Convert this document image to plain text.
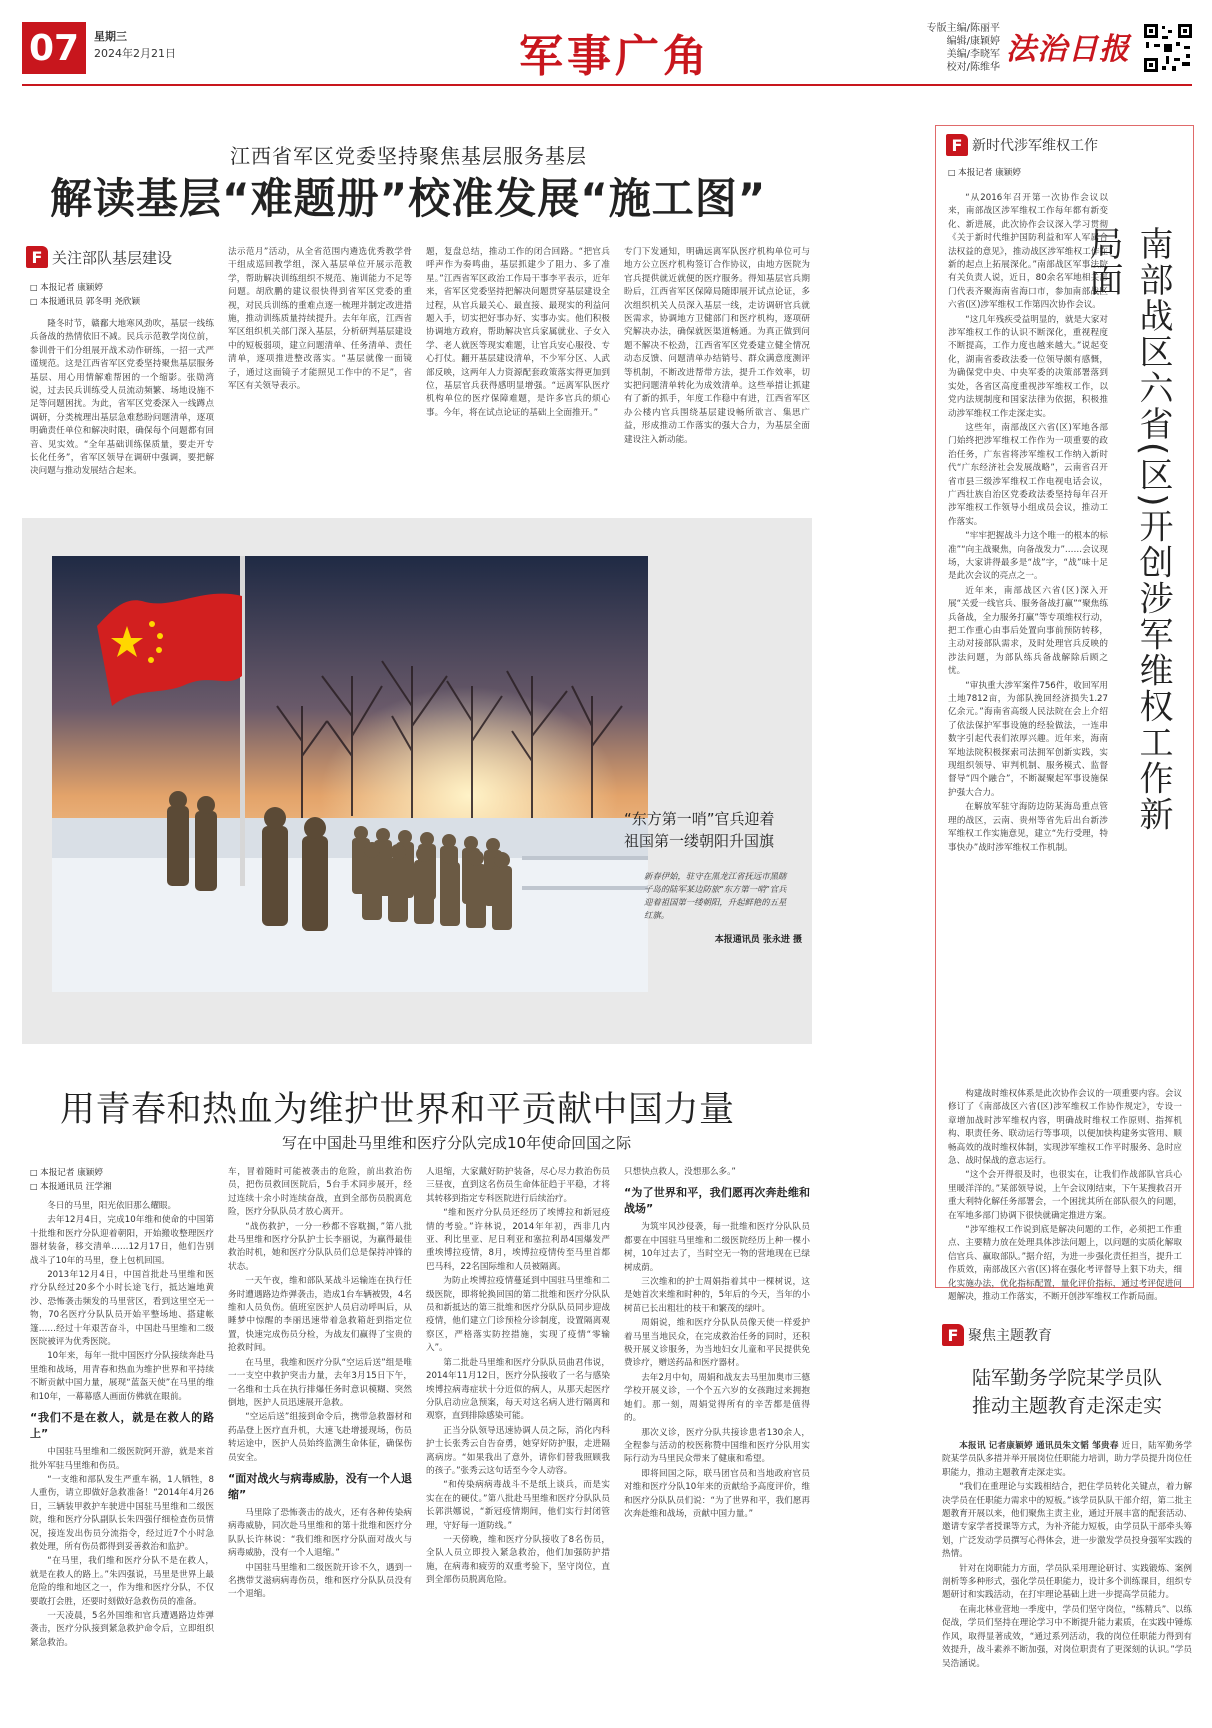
07 星期三
2024年2月21日	军事广角
专版主编/陈丽平
编辑/康颖婷
美编/李晓军
校对/陈维华
法治日报
江西省军区党委坚持聚焦基层服务基层
解读基层“难题册”校准发展“施工图”
F 关注部队基层建设
□ 本报记者 康颖婷
□ 本报通讯员 郭冬明 尧欣颖

隆冬时节，赣鄱大地寒风劲吹，基层一线练兵备战的热情依旧不减。民兵示范教学岗位前，参训骨干们分组展开战术动作研练，一招一式严谨规范。这是江西省军区党委坚持聚焦基层服务基层、用心用情解难帮困的一个缩影。张勋湾说，过去民兵训练受人员流动频繁、场地设施不足等问题困扰。为此，省军区党委深入一线蹲点调研，分类梳理出基层急难愁盼问题清单，逐项明确责任单位和解决时限，确保每个问题都有回音、见实效。“全年基础训练保质量，要走开专长化任务”，省军区领导在调研中强调，要把解决问题与推动发展结合起来。

法示范月”活动，从全省范围内遴选优秀教学骨干组成巡回教学组，深入基层单位开展示范教学，帮助解决训练组织不规范、施训能力不足等问题。胡欣鹏的建议很快得到省军区党委的重视，对民兵训练的重难点逐一梳理并制定改进措施，推动训练质量持续提升。去年年底，江西省军区组织机关部门深入基层，分析研判基层建设中的短板弱项，建立问题清单、任务清单、责任清单，逐项推进整改落实。“基层就像一面镜子，通过这面镜子才能照见工作中的不足”，省军区有关领导表示。

题，复盘总结，推动工作的闭合回路。“把官兵呼声作为奏鸣曲，基层抓建少了阻力、多了准星。”江西省军区政治工作局干事李平表示，近年来，省军区党委坚持把解决问题贯穿基层建设全过程，从官兵最关心、最直接、最现实的利益问题入手，切实把好事办好、实事办实。他们积极协调地方政府，帮助解决官兵家属就业、子女入学、老人就医等现实难题，让官兵安心服役、专心打仗。翻开基层建设清单，不少军分区、人武部反映，这两年人力资源配套政策落实得更加到位，基层官兵获得感明显增强。“远离军队医疗机构单位的医疗保障难题，是许多官兵的烦心事。今年，将在试点论证的基础上全面推开。”

专门下发通知，明确远离军队医疗机构单位可与地方公立医疗机构签订合作协议，由地方医院为官兵提供就近就便的医疗服务。得知基层官兵期盼后，江西省军区保障局随即展开试点论证，多次组织机关人员深入基层一线，走访调研官兵就医需求，协调地方卫健部门和医疗机构，逐项研究解决办法，确保就医渠道畅通。为真正做到问题不解决不松劲，江西省军区党委建立健全情况动态反馈、问题清单办结销号、群众满意度测评等机制，不断改进帮带方法，提升工作效率，切实把问题清单转化为成效清单。这些举措让抓建有了新的抓手，年度工作稳中有进，江西省军区办公楼内官兵围绕基层建设畅所欲言、集思广益，形成推动工作落实的强大合力，为基层全面建设注入新动能。

“东方第一哨”官兵迎着
祖国第一缕朝阳升国旗
新春伊始，驻守在黑龙江省抚远市黑瞎子岛的陆军某边防旅“东方第一哨”官兵迎着祖国第一缕朝阳，升起鲜艳的五星红旗。
本报通讯员 张永进 摄
用青春和热血为维护世界和平贡献中国力量
写在中国赴马里维和医疗分队完成10年使命回国之际
□ 本报记者 康颖婷
□ 本报通讯员 汪学湘

冬日的马里，阳光依旧那么耀眼。

去年12月4日，完成10年维和使命的中国第十批维和医疗分队迎着朝阳，开始搬收整理医疗器材装备，移交清单……12月17日，他们告别战斗了10年的马里，登上包机回国。

2013年12月4日，中国首批赴马里维和医疗分队经过20多个小时长途飞行，抵达遍地黄沙、恐怖袭击频发的马里营区，看到这里空无一物，70名医疗分队队员开始平整场地、搭建帐篷……经过十年艰苦奋斗，中国赴马里维和二级医院被评为优秀医院。

10年来，每年一批中国医疗分队接续奔赴马里维和战场，用青春和热血为维护世界和平持续不断贡献中国力量，展现“蓝盔天使”在马里的维和10年，一幕幕感人画面仿佛就在眼前。

“我们不是在救人，就是在救人的路上”

中国驻马里维和二级医院阿开游，就是来首批外军驻马里维和伤员。

“一支维和部队发生严重车祸，1人牺牲，8人重伤，请立即做好急救准备！”2014年4月26日，三辆装甲救护车驶进中国驻马里维和二级医院，维和医疗分队副队长朱四强仔细检查伤员情况，接连发出伤员分流指令，经过近7个小时急救处理，所有伤员都得到妥善救治和监护。

“在马里，我们维和医疗分队不是在救人，就是在救人的路上。”朱四强说，马里是世界上最危险的维和地区之一，作为维和医疗分队，不仅要敢打会胜，还要时刻做好急救伤员的准备。

一天凌晨，5名外国维和官兵遭遇路边炸弹袭击，医疗分队接到紧急救护命令后，立即组织紧急救治。

车，冒着随时可能被袭击的危险，前出救治伤员，把伤员救回医院后，5台手术同步展开，经过连续十余小时连续奋战，直到全部伤员脱离危险，医疗分队队员才放心离开。

“战伤救护，一分一秒都不容耽搁，”第八批赴马里维和医疗分队护士长李丽说，为赢得最佳救治时机，她和医疗分队队员们总是保持冲锋的状态。

一天午夜，维和部队某战斗运输连在执行任务时遭遇路边炸弹袭击，造成1台车辆被毁，4名维和人员负伤。值班室医护人员启动呼叫后，从睡梦中惊醒的李丽迅速带着急救箱赶到指定位置，快速完成伤员分检，为战友们赢得了宝贵的抢救时间。

在马里，我维和医疗分队“空运后送”组是唯一一支空中救护突击力量，去年3月15日下午，一名维和士兵在执行排爆任务时意识模糊、突然倒地，医护人员迅速展开急救。

“空运后送”组接到命令后，携带急救器材和药品登上医疗直升机，大速飞赴增援现场，伤员转运途中，医护人员始终监测生命体征，确保伤员安全。

“面对战火与病毒威胁，没有一个人退缩”

马里除了恐怖袭击的战火，还有各种传染病病毒威胁，同次赴马里维和的第十批维和医疗分队队长许林说：“我们维和医疗分队面对战火与病毒威胁，没有一个人退缩。”

中国驻马里维和二级医院开诊不久，遇到一名携带艾滋病病毒伤员，维和医疗分队队员没有一个退缩。

人退缩，大家戴好防护装备，尽心尽力救治伤员三昼夜，直到这名伤员生命体征趋于平稳，才将其转移到指定专科医院进行后续治疗。

“维和医疗分队员还经历了埃博拉和新冠疫情的考验。”许林说，2014年年初，西非几内亚、利比里亚、尼日利亚和塞拉利昂4国爆发严重埃博拉疫情，8月，埃博拉疫情传至马里首都巴马科，22名国际维和人员被隔离。

为防止埃博拉疫情蔓延到中国驻马里维和二级医院，即将轮换回国的第二批维和医疗分队队员和新抵达的第三批维和医疗分队队员同步迎战疫情，他们建立门诊预检分诊制度，设置隔离观察区，严格落实防控措施，实现了疫情“零输入”。

第二批赴马里维和医疗分队队员曲君伟说，2014年11月12日，医疗分队接收了一名与感染埃博拉病毒症状十分近似的病人，从那天起医疗分队启动应急预案，每天对这名病人进行隔离和观察，直到排除感染可能。

正当分队领导迅速协调人员之际，消化内科护士长张秀云自告奋勇，她穿好防护服，走进隔离病房。“如果我出了意外，请你们替我照顾我的孩子。”张秀云这句话至今令人动容。

“和传染病病毒战斗不是纸上谈兵，而是实实在在的硬仗。”第八批赴马里维和医疗分队队员长郭洪娜说，“新冠疫情期间，他们实行封闭管理，守好每一道防线。”

一天傍晚，维和医疗分队接收了8名伤员，全队人员立即投入紧急救治，他们加强防护措施，在病毒和疲劳的双重考验下，坚守岗位，直到全部伤员脱离危险。

只想快点救人，没想那么多。”

“为了世界和平，我们愿再次奔赴维和战场”

为筑牢风沙侵袭，每一批维和医疗分队队员都要在中国驻马里维和二级医院经历上种一棵小树，10年过去了，当时空无一物的营地现在已绿树成荫。

三次维和的护士周娟指着其中一棵树说，这是她首次来维和时种的，5年后的今天，当年的小树苗已长出粗壮的枝干和繁茂的绿叶。

周娟说，维和医疗分队队员像天使一样爱护着马里当地民众，在完成救治任务的同时，还积极开展义诊服务，为当地妇女儿童和平民提供免费诊疗，赠送药品和医疗器材。

去年2月中旬，周娟和战友去马里加奥市三德学校开展义诊，一个个五六岁的女孩跑过来拥抱她们。那一刻，周娟觉得所有的辛苦都是值得的。

那次义诊，医疗分队共接诊患者130余人，全程参与活动的校医称赞中国维和医疗分队用实际行动为马里民众带来了健康和希望。

即将回国之际，联马团官员和当地政府官员对维和医疗分队10年来的贡献给予高度评价，维和医疗分队队员们说：“为了世界和平，我们愿再次奔赴维和战场，贡献中国力量。”

F 新时代涉军维权工作
□ 本报记者 康颖婷

“从2016年召开第一次协作会议以来，南部战区涉军维权工作每年都有新变化、新进展，此次协作会议深入学习贯彻《关于新时代维护国防利益和军人军属合法权益的意见》，推动战区涉军维权工作在新的起点上拓展深化。”南部战区军事法院有关负责人说，近日，80余名军地相关部门代表齐聚海南省海口市，参加南部战区六省(区)涉军维权工作第四次协作会议。

“这几年残疾受益明显的，就是大家对涉军维权工作的认识不断深化，重视程度不断提高，工作力度也越来越大。”说起变化，湖南省委政法委一位领导颇有感慨，为确保党中央、中央军委的决策部署落到实处，各省区高度重视涉军维权工作，以党内法规制度和国家法律为依据，积极推动涉军维权工作走深走实。

这些年，南部战区六省(区)军地各部门始终把涉军维权工作作为一项重要的政治任务，广东省将涉军维权工作纳入新时代“广东经济社会发展战略”，云南省召开省市县三级涉军维权工作电视电话会议，广西壮族自治区党委政法委坚持每年召开涉军维权工作领导小组成员会议，推动工作落实。

“牢牢把握战斗力这个唯一的根本的标准”“向主战聚焦，向备战发力”……会议现场，大家讲得最多是“战”字，“战”味十足是此次会议的亮点之一。

近年来，南部战区六省(区)深入开展“关爱一线官兵、服务备战打赢”“聚焦练兵备战，全力服务打赢”等专项维权行动，把工作重心由事后处置向事前预防转移，主动对接部队需求，及时处理官兵反映的涉法问题，为部队练兵备战解除后顾之忧。

“审执重大涉军案件756件，收回军用土地7812亩，为部队挽回经济损失1.27亿余元。”海南省高级人民法院在会上介绍了依法保护军事设施的经验做法，一连串数字引起代表们浓厚兴趣。近年来，海南军地法院积极探索司法拥军创新实践，实现组织领导、审判机制、服务模式、监督督导“四个融合”，不断凝聚起军事设施保护强大合力。

在解放军驻守海防边防某海岛重点管理的战区，云南、贵州等省先后出台新涉军维权工作实施意见，建立“先行受理，特事快办”战时涉军维权工作机制。

南部战区六省(区)开创涉军维权工作新局面

构建战时维权体系是此次协作会议的一项重要内容。会议修订了《南部战区六省(区)涉军维权工作协作规定》，专设一章增加战时涉军维权内容，明确战时维权工作原则、指挥机构、职责任务、联动运行等事项，以便加快构建务实管用、顺畅高效的战时维权体制，实现涉军维权工作平时服务、急时应急、战时保战的意志运行。

“这个会开得很及时，也很实在，让我们作战部队官兵心里暖洋洋的。”某部领导说，上午会议刚结束，下午某搜救召开重大利特化解任务部署会，一个困扰其所在部队很久的问题，在军地多部门协调下很快就确定推进方案。

“涉军维权工作说到底是解决问题的工作，必须把工作重点、主要精力放在处理具体涉法问题上，以问题的实质化解取信官兵、赢取部队。”据介绍，为进一步强化责任担当，提升工作质效，南部战区六省(区)将在强化考评督导上狠下功夫，细化实施办法，优化指标配置，量化评价指标，通过考评促进问题解决，推动工作落实，不断开创涉军维权工作新局面。

F 聚焦主题教育
陆军勤务学院某学员队
推动主题教育走深走实

本报讯 记者康颖婷 通讯员朱文韬 邹贵春 近日，陆军勤务学院某学员队多措并举开展岗位任职能力培训，助力学员提升岗位任职能力，推动主题教育走深走实。

“我们在重理论与实践相结合，把住学员转化关键点，着力解决学员在任职能力需求中的短板。”该学员队队干部介绍，第二批主题教育开展以来，他们聚焦主责主业，通过开展丰富的配套活动、邀请专家学者授课等方式，为补齐能力短板，由学员队干部牵头筹划，广泛发动学员撰写心得体会，进一步激发学员投身强军实践的热情。

针对在岗职能力方面，学员队采用理论研讨、实践锻炼、案例剖析等多种形式，强化学员任职能力，设计多个训练课目，组织专题研讨和实践活动，在打牢理论基础上进一步提高学员能力。

在南北林业营地一季度中，学员们坚守岗位，“练精兵”、以练促战，学员们坚持在理论学习中不断提升能力素质，在实践中锤炼作风，取得显著成效，“通过系列活动，我的岗位任职能力得到有效提升，战斗素养不断加强，对岗位职责有了更深刻的认识。”学员吴浩涵说。
